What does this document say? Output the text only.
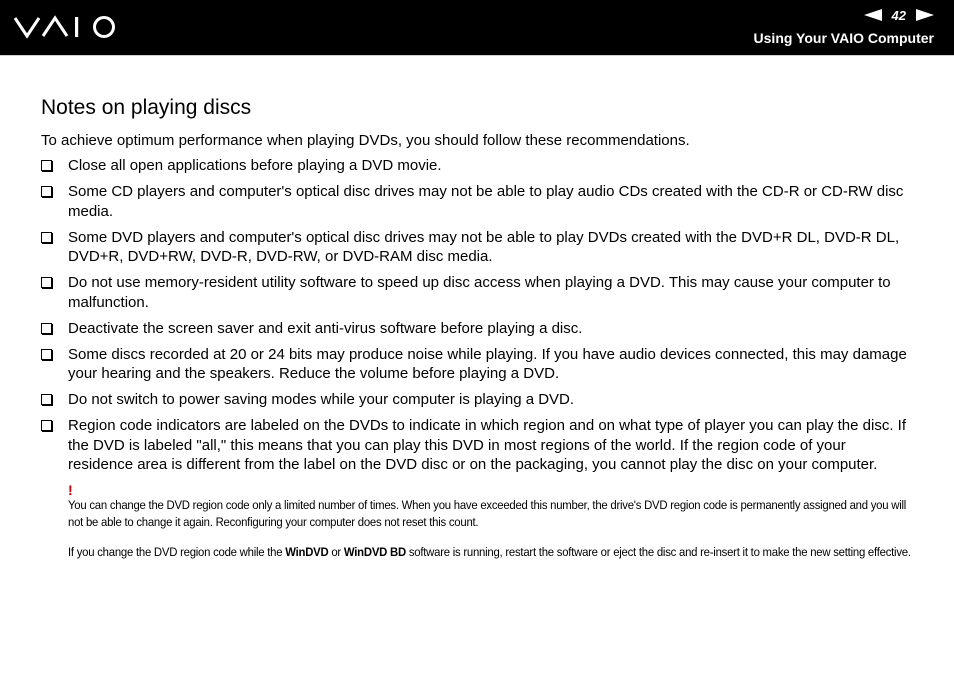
42
Using Your VAIO Computer
Notes on playing discs

To achieve optimum performance when playing DVDs, you should follow these recommendations.

Close all open applications before playing a DVD movie.
Some CD players and computer's optical disc drives may not be able to play audio CDs created with the CD-R or CD-RW disc media.
Some DVD players and computer's optical disc drives may not be able to play DVDs created with the DVD+R DL, DVD-R DL, DVD+R, DVD+RW, DVD-R, DVD-RW, or DVD-RAM disc media.
Do not use memory-resident utility software to speed up disc access when playing a DVD. This may cause your computer to malfunction.
Deactivate the screen saver and exit anti-virus software before playing a disc.
Some discs recorded at 20 or 24 bits may produce noise while playing. If you have audio devices connected, this may damage your hearing and the speakers. Reduce the volume before playing a DVD.
Do not switch to power saving modes while your computer is playing a DVD.
Region code indicators are labeled on the DVDs to indicate in which region and on what type of player you can play the disc. If the DVD is labeled "all," this means that you can play this DVD in most regions of the world. If the region code of your residence area is different from the label on the DVD disc or on the packaging, you cannot play the disc on your computer.
!

You can change the DVD region code only a limited number of times. When you have exceeded this number, the drive's DVD region code is permanently assigned and you will not be able to change it again. Reconfiguring your computer does not reset this count.

If you change the DVD region code while the WinDVD or WinDVD BD software is running, restart the software or eject the disc and re-insert it to make the new setting effective.
